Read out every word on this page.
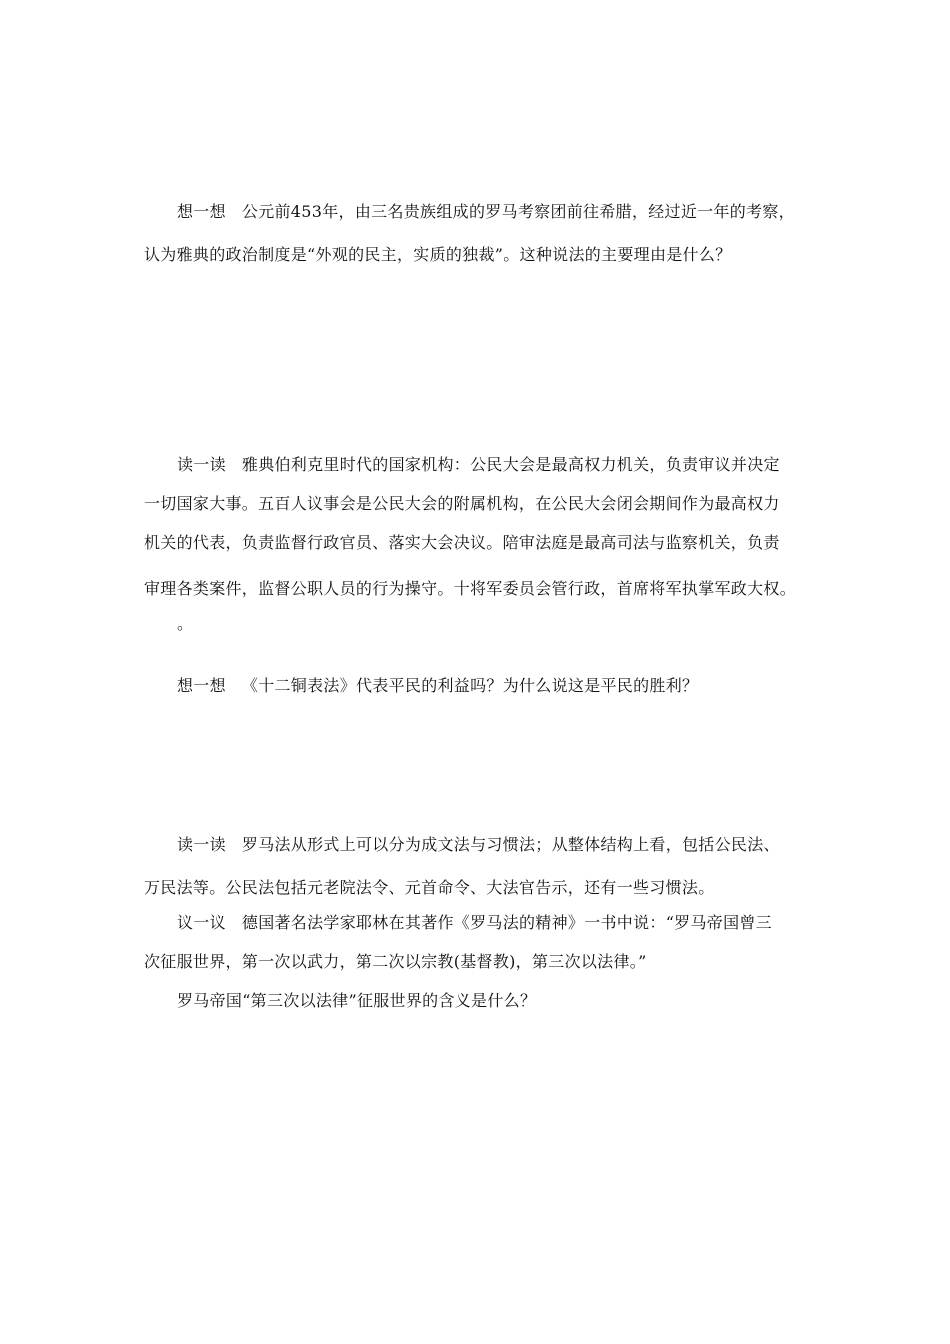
想一想 公元前453年，由三名贵族组成的罗马考察团前往希腊，经过近一年的考察，
认为雅典的政治制度是“外观的民主，实质的独裁”。这种说法的主要理由是什么？
读一读 雅典伯利克里时代的国家机构：公民大会是最高权力机关，负责审议并决定
一切国家大事。五百人议事会是公民大会的附属机构，在公民大会闭会期间作为最高权力
机关的代表，负责监督行政官员、落实大会决议。陪审法庭是最高司法与监察机关，负责
审理各类案件，监督公职人员的行为操守。十将军委员会管行政，首席将军执掌军政大权。
。
想一想 《十二铜表法》代表平民的利益吗？为什么说这是平民的胜利？
读一读 罗马法从形式上可以分为成文法与习惯法；从整体结构上看，包括公民法、
万民法等。公民法包括元老院法令、元首命令、大法官告示，还有一些习惯法。
议一议 德国著名法学家耶林在其著作《罗马法的精神》一书中说：“罗马帝国曾三
次征服世界，第一次以武力，第二次以宗教(基督教)，第三次以法律。”
罗马帝国“第三次以法律”征服世界的含义是什么？
